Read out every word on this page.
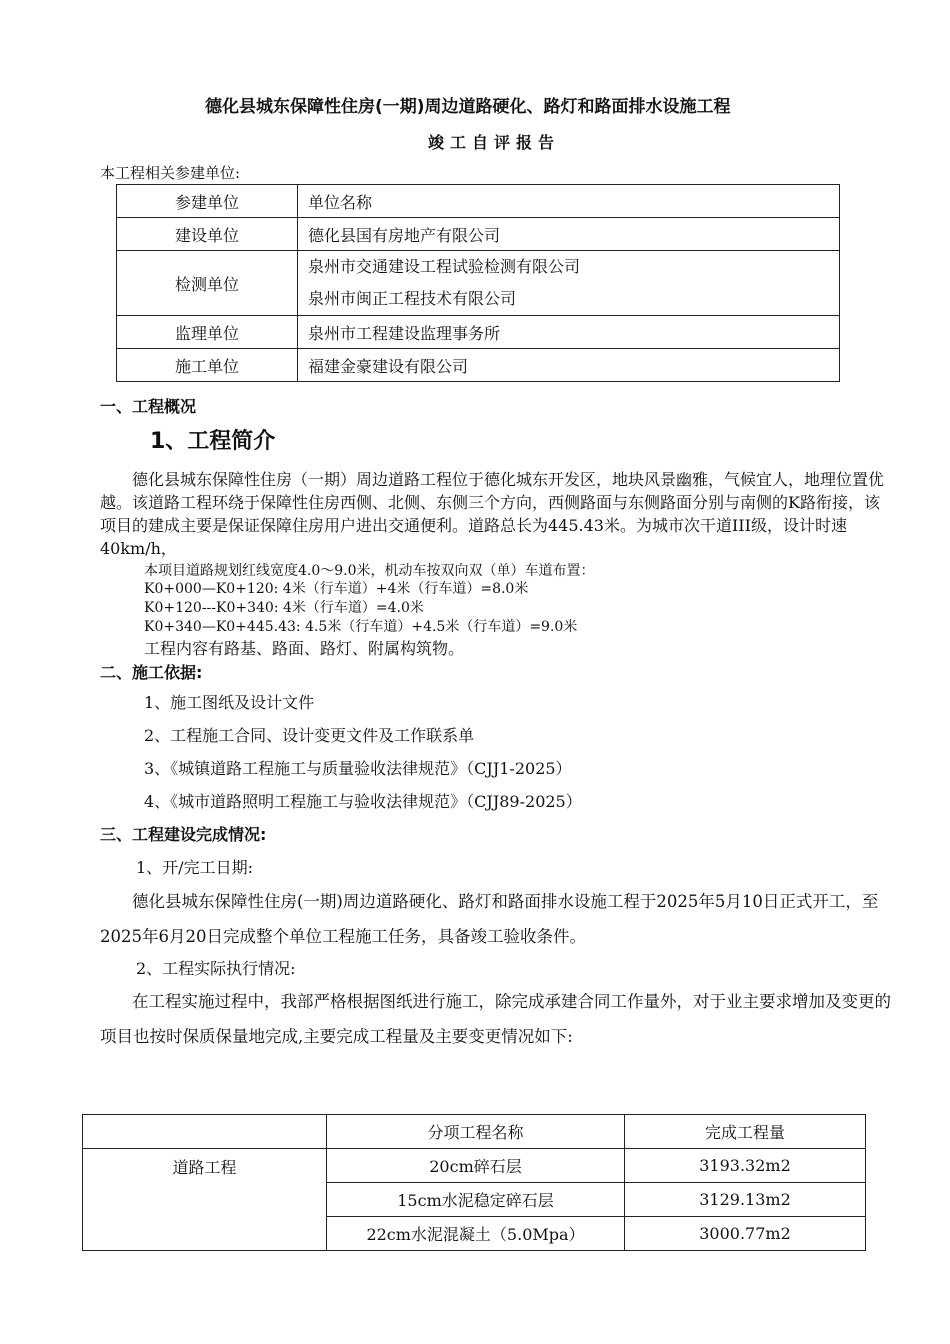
德化县城东保障性住房(一期)周边道路硬化、路灯和路面排水设施工程
竣工自评报告
本工程相关参建单位:
参建单位	单位名称
建设单位	德化县国有房地产有限公司
检测单位	泉州市交通建设工程试验检测有限公司
泉州市闽正工程技术有限公司

监理单位	泉州市工程建设监理事务所
施工单位	福建金豪建设有限公司
一、工程概况
1、工程简介
德化县城东保障性住房（一期）周边道路工程位于德化城东开发区，地块风景幽雅，气候宜人，地理位置优越。该道路工程环绕于保障性住房西侧、北侧、东侧三个方向，西侧路面与东侧路面分别与南侧的K路衔接，该项目的建成主要是保证保障住房用户进出交通便利。道路总长为445.43米。为城市次干道III级，设计时速40km/h，
本项目道路规划红线宽度4.0～9.0米，机动车按双向双（单）车道布置：
K0+000—K0+120: 4米（行车道）+4米（行车道）=8.0米
K0+120---K0+340: 4米（行车道）=4.0米
K0+340—K0+445.43: 4.5米（行车道）+4.5米（行车道）=9.0米
工程内容有路基、路面、路灯、附属构筑物。
二、施工依据:
1、施工图纸及设计文件
2、工程施工合同、设计变更文件及工作联系单
3、《城镇道路工程施工与质量验收法律规范》（CJJ1-2025）
4、《城市道路照明工程施工与验收法律规范》（CJJ89-2025）
三、工程建设完成情况:
1、开/完工日期:
德化县城东保障性住房(一期)周边道路硬化、路灯和路面排水设施工程于2025年5月10日正式开工，至2025年6月20日完成整个单位工程施工任务，具备竣工验收条件。
2、工程实际执行情况:
在工程实施过程中，我部严格根据图纸进行施工，除完成承建合同工作量外，对于业主要求增加及变更的项目也按时保质保量地完成,主要完成工程量及主要变更情况如下:
	分项工程名称	完成工程量
道路工程	20cm碎石层	3193.32m2
	15cm水泥稳定碎石层	3129.13m2
	22cm水泥混凝土（5.0Mpa）	3000.77m2
